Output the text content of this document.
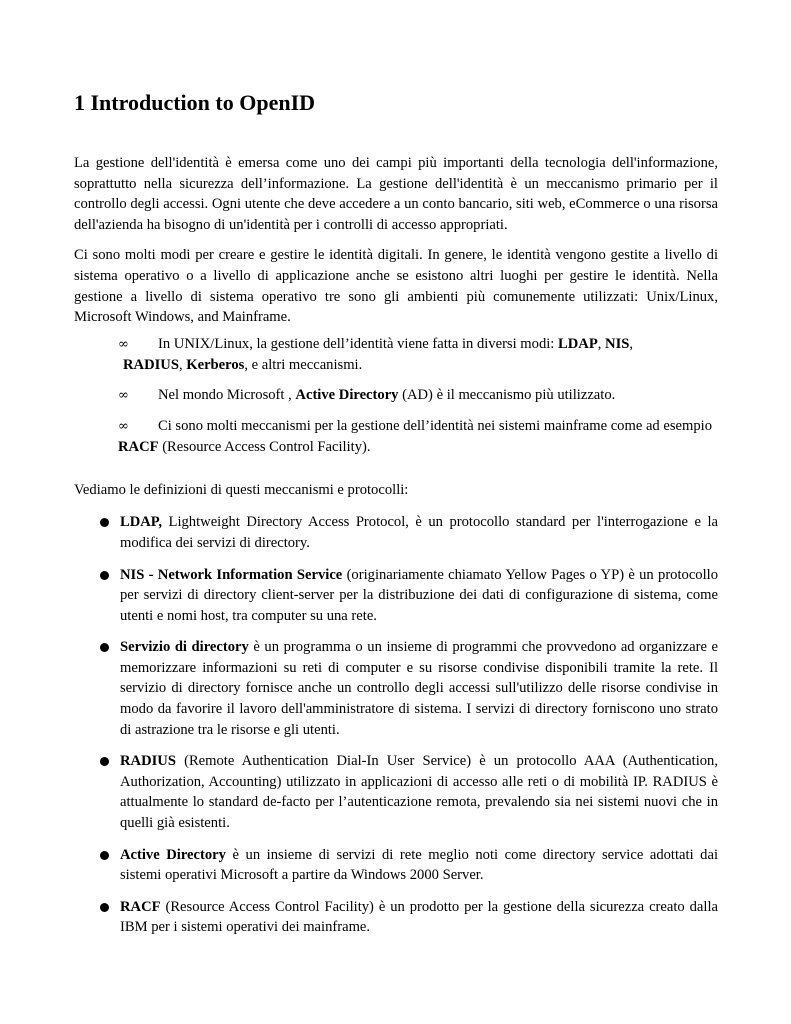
1 Introduction to OpenID

La gestione dell'identità è emersa come uno dei campi più importanti della tecnologia dell'informazione, soprattutto nella sicurezza dell’informazione. La gestione dell'identità è un meccanismo primario per il controllo degli accessi. Ogni utente che deve accedere a un conto bancario, siti web, eCommerce o una risorsa dell'azienda ha bisogno di un'identità per i controlli di accesso appropriati.

Ci sono molti modi per creare e gestire le identità digitali. In genere, le identità vengono gestite a livello di sistema operativo o a livello di applicazione anche se esistono altri luoghi per gestire le identità. Nella gestione a livello di sistema operativo tre sono gli ambienti più comunemente utilizzati: Unix/Linux, Microsoft Windows, and Mainframe.

∞ In UNIX/Linux, la gestione dell’identità viene fatta in diversi modi: LDAP, NIS,
RADIUS, Kerberos, e altri meccanismi.
∞ Nel mondo Microsoft , Active Directory (AD) è il meccanismo più utilizzato.
∞ Ci sono molti meccanismi per la gestione dell’identità nei sistemi mainframe come ad esempio RACF (Resource Access Control Facility).

Vediamo le definizioni di questi meccanismi e protocolli:

LDAP, Lightweight Directory Access Protocol, è un protocollo standard per l'interrogazione e la modifica dei servizi di directory.
NIS - Network Information Service (originariamente chiamato Yellow Pages o YP) è un protocollo per servizi di directory client-server per la distribuzione dei dati di configurazione di sistema, come utenti e nomi host, tra computer su una rete.
Servizio di directory è un programma o un insieme di programmi che provvedono ad organizzare e memorizzare informazioni su reti di computer e su risorse condivise disponibili tramite la rete. Il servizio di directory fornisce anche un controllo degli accessi sull'utilizzo delle risorse condivise in modo da favorire il lavoro dell'amministratore di sistema. I servizi di directory forniscono uno strato di astrazione tra le risorse e gli utenti.
RADIUS (Remote Authentication Dial-In User Service) è un protocollo AAA (Authentication, Authorization, Accounting) utilizzato in applicazioni di accesso alle reti o di mobilità IP. RADIUS è attualmente lo standard de-facto per l’autenticazione remota, prevalendo sia nei sistemi nuovi che in quelli già esistenti.
Active Directory è un insieme di servizi di rete meglio noti come directory service adottati dai sistemi operativi Microsoft a partire da Windows 2000 Server.
RACF (Resource Access Control Facility) è un prodotto per la gestione della sicurezza creato dalla IBM per i sistemi operativi dei mainframe.
